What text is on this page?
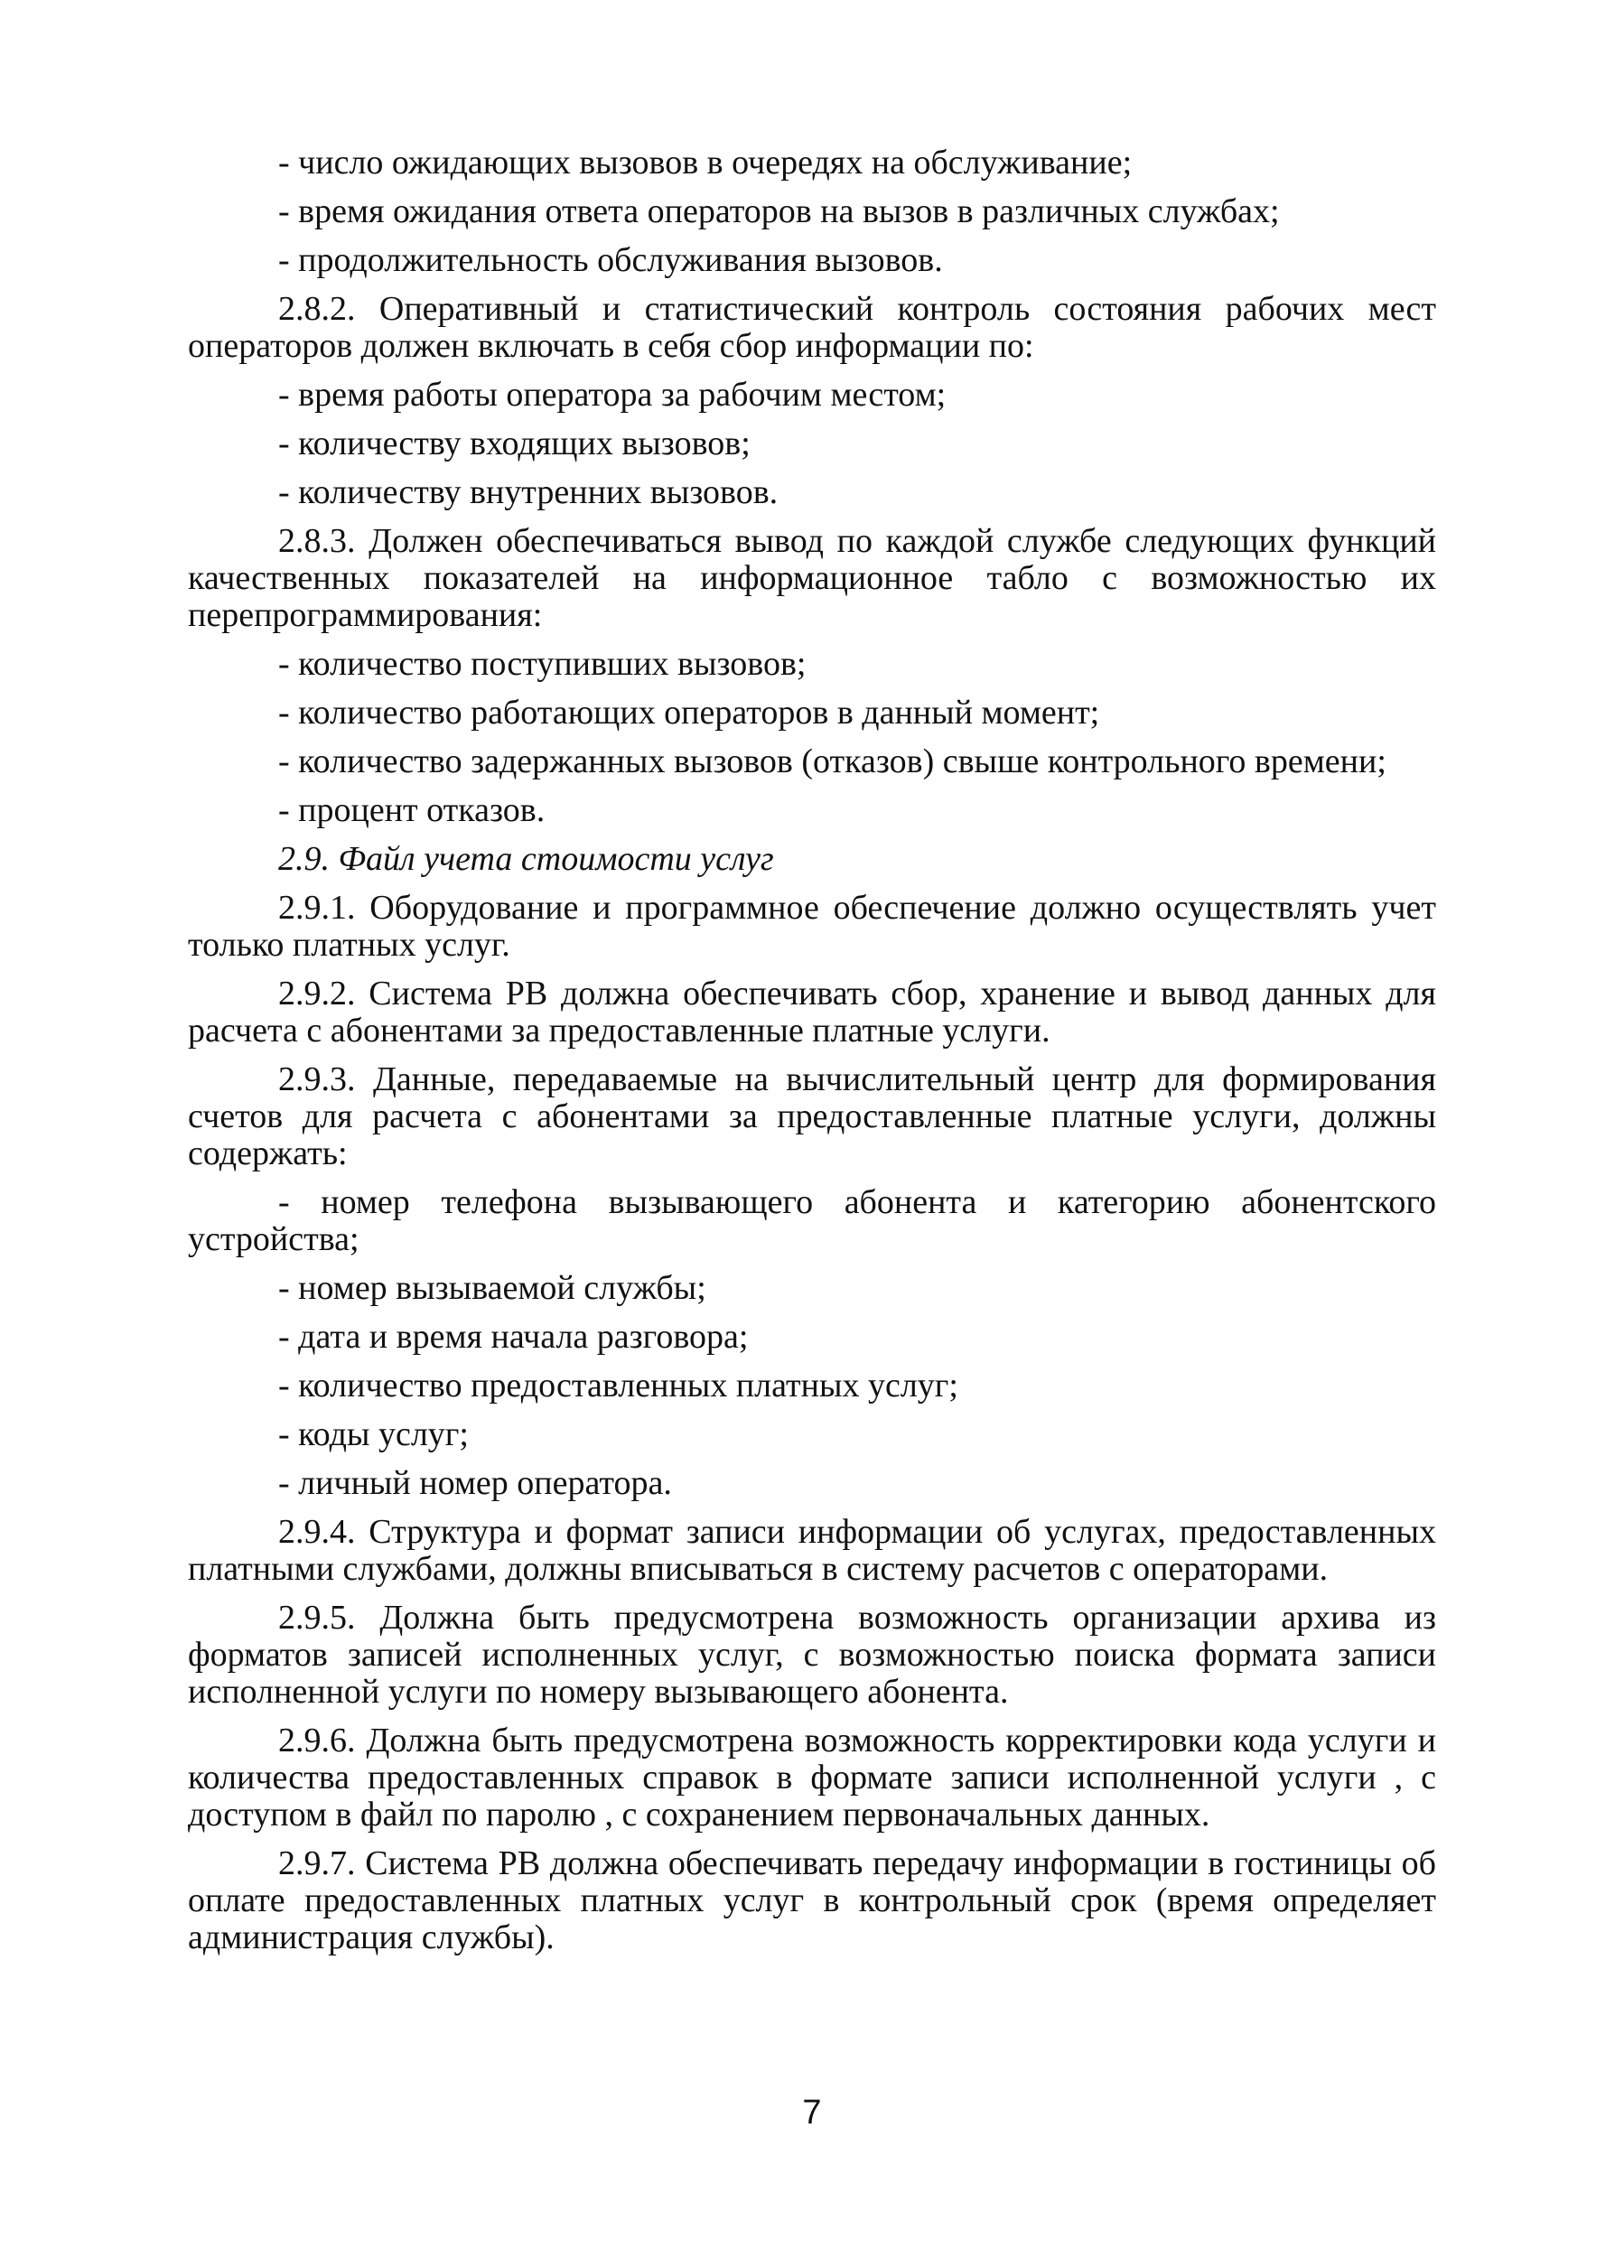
- число ожидающих вызовов в очередях на обслуживание;

- время ожидания ответа операторов на вызов в различных службах;

- продолжительность обслуживания вызовов.

2.8.2. Оперативный и статистический контроль состояния рабочих мест операторов должен включать в себя сбор информации по:

- время работы оператора за рабочим местом;

- количеству входящих вызовов;

- количеству внутренних вызовов.

2.8.3. Должен обеспечиваться вывод по каждой службе следующих функций качественных показателей на информационное табло с возможностью их перепрограммирования:

- количество поступивших вызовов;

- количество работающих операторов в данный момент;

- количество задержанных вызовов (отказов) свыше контрольного времени;

- процент отказов.

2.9. Файл учета стоимости услуг

2.9.1. Оборудование и программное обеспечение должно осуществлять учет только платных услуг.

2.9.2. Система РВ должна обеспечивать сбор, хранение и вывод данных для расчета с абонентами за предоставленные платные услуги.

2.9.3. Данные, передаваемые на вычислительный центр для формирования счетов для расчета с абонентами за предоставленные платные услуги, должны содержать:

- номер телефона вызывающего абонента и категорию абонентского устройства;

- номер вызываемой службы;

- дата и время начала разговора;

- количество предоставленных платных услуг;

- коды услуг;

- личный номер оператора.

2.9.4. Структура и формат записи информации об услугах, предоставленных платными службами, должны вписываться в систему расчетов с операторами.

2.9.5. Должна быть предусмотрена возможность организации архива из форматов записей исполненных услуг, с возможностью поиска формата записи исполненной услуги по номеру вызывающего абонента.

2.9.6. Должна быть предусмотрена возможность корректировки кода услуги и количества предоставленных справок в формате записи исполненной услуги , с доступом в файл по паролю , с сохранением первоначальных данных.

2.9.7. Система РВ должна обеспечивать передачу информации в гостиницы об оплате предоставленных платных услуг в контрольный срок (время определяет администрация службы).

7
